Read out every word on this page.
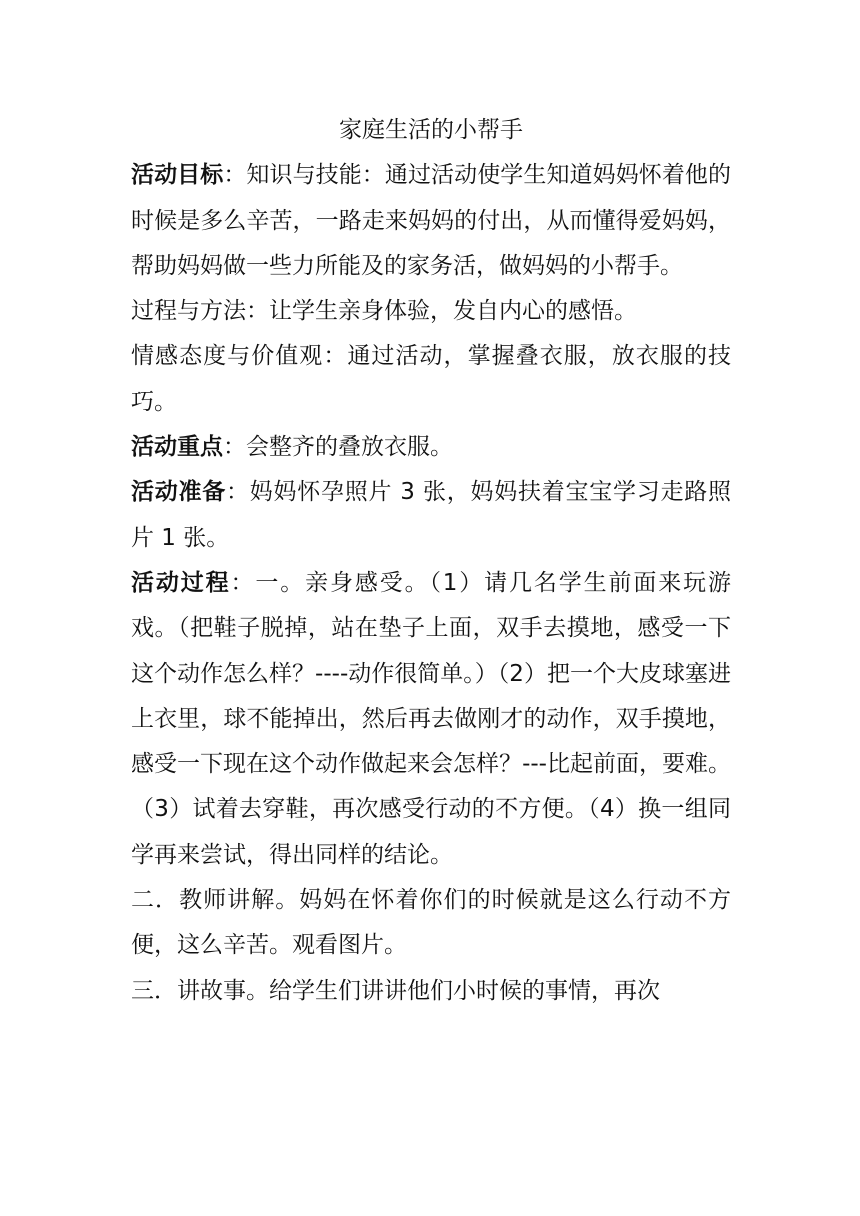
家庭生活的小帮手

活动目标：知识与技能：通过活动使学生知道妈妈怀着他的时候是多么辛苦，一路走来妈妈的付出，从而懂得爱妈妈，帮助妈妈做一些力所能及的家务活，做妈妈的小帮手。

过程与方法：让学生亲身体验，发自内心的感悟。

情感态度与价值观：通过活动，掌握叠衣服，放衣服的技巧。

活动重点：会整齐的叠放衣服。

活动准备：妈妈怀孕照片 3 张，妈妈扶着宝宝学习走路照片 1 张。

活动过程：一。亲身感受。（1）请几名学生前面来玩游戏。（把鞋子脱掉，站在垫子上面，双手去摸地，感受一下这个动作怎么样？----动作很简单。）（2）把一个大皮球塞进上衣里，球不能掉出，然后再去做刚才的动作，双手摸地，感受一下现在这个动作做起来会怎样？---比起前面，要难。（3）试着去穿鞋，再次感受行动的不方便。（4）换一组同学再来尝试，得出同样的结论。

二．教师讲解。妈妈在怀着你们的时候就是这么行动不方便，这么辛苦。观看图片。

三．讲故事。给学生们讲讲他们小时候的事情，再次
